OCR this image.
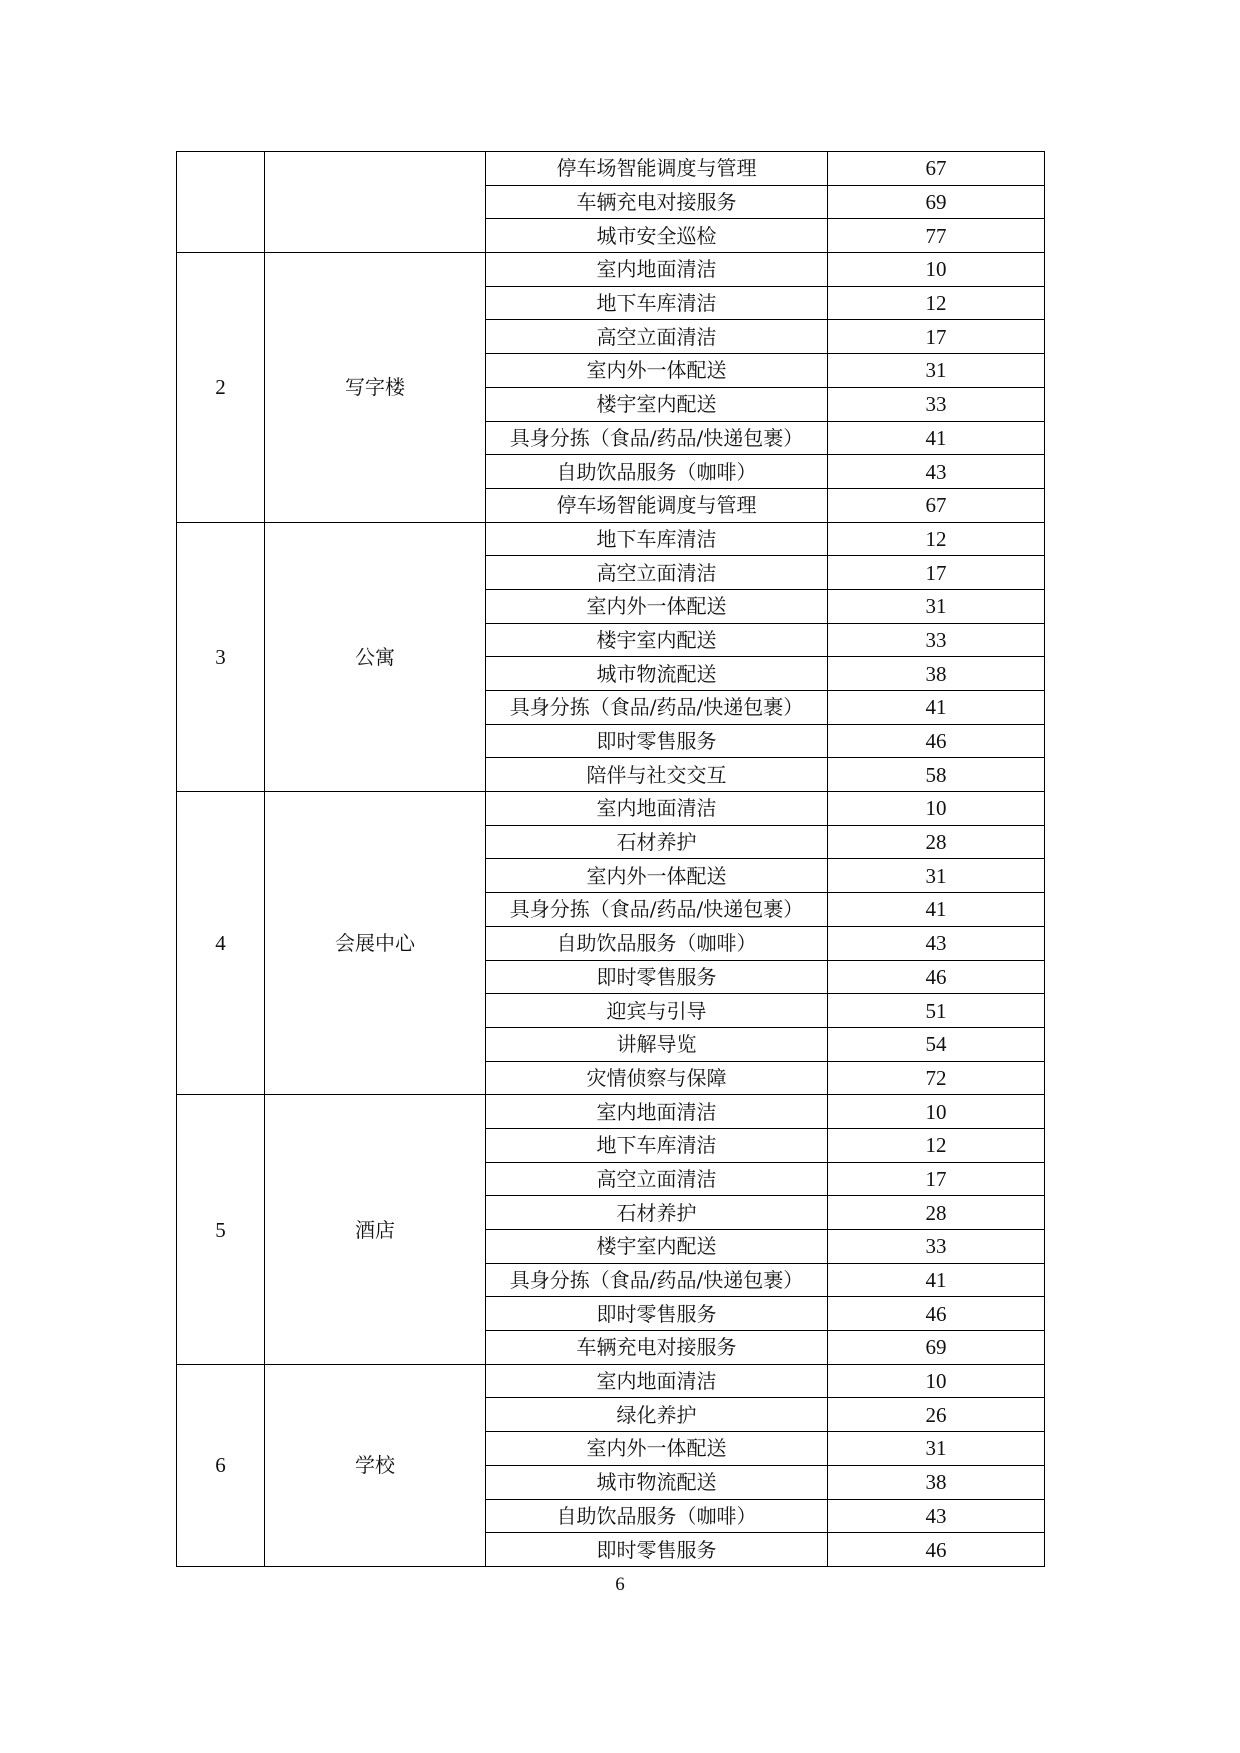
		停车场智能调度与管理	67
		车辆充电对接服务	69
		城市安全巡检	77
2	写字楼	室内地面清洁	10
		地下车库清洁	12
		高空立面清洁	17
		室内外一体配送	31
		楼宇室内配送	33
		具身分拣（食品/药品/快递包裹）	41
		自助饮品服务（咖啡）	43
		停车场智能调度与管理	67
3	公寓	地下车库清洁	12
		高空立面清洁	17
		室内外一体配送	31
		楼宇室内配送	33
		城市物流配送	38
		具身分拣（食品/药品/快递包裹）	41
		即时零售服务	46
		陪伴与社交交互	58
4	会展中心	室内地面清洁	10
		石材养护	28
		室内外一体配送	31
		具身分拣（食品/药品/快递包裹）	41
		自助饮品服务（咖啡）	43
		即时零售服务	46
		迎宾与引导	51
		讲解导览	54
		灾情侦察与保障	72
5	酒店	室内地面清洁	10
		地下车库清洁	12
		高空立面清洁	17
		石材养护	28
		楼宇室内配送	33
		具身分拣（食品/药品/快递包裹）	41
		即时零售服务	46
		车辆充电对接服务	69
6	学校	室内地面清洁	10
		绿化养护	26
		室内外一体配送	31
		城市物流配送	38
		自助饮品服务（咖啡）	43
		即时零售服务	46
6
